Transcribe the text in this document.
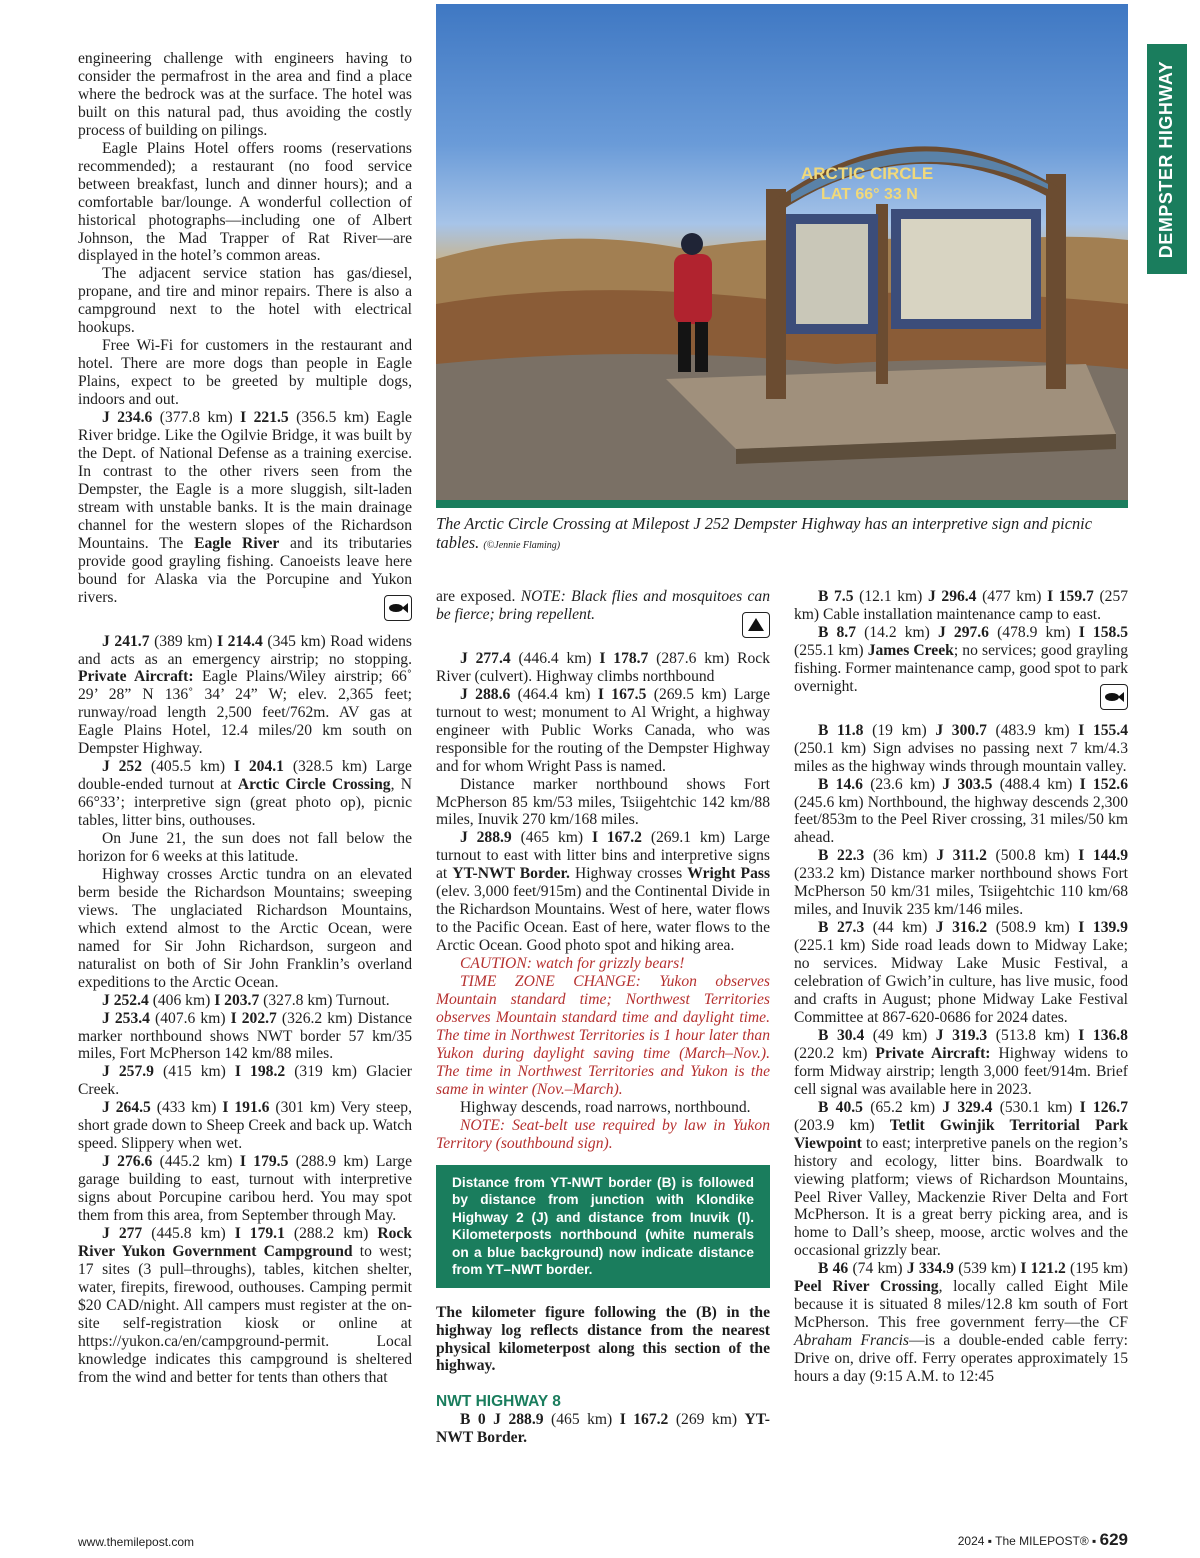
DEMPSTER HIGHWAY
ARCTIC CIRCLE
LAT 66° 33 N
The Arctic Circle Crossing at Milepost J 252 Dempster Highway has an interpretive sign and picnic tables. (©Jennie Flaming)

engineering challenge with engineers having to consider the permafrost in the area and find a place where the bedrock was at the surface. The hotel was built on this natural pad, thus avoiding the costly process of building on pilings.

Eagle Plains Hotel offers rooms (reservations recommended); a restaurant (no food service between breakfast, lunch and dinner hours); and a comfortable bar/lounge. A wonderful collection of historical photographs—including one of Albert Johnson, the Mad Trapper of Rat River—are displayed in the hotel’s common areas.

The adjacent service station has gas/diesel, propane, and tire and minor repairs. There is also a campground next to the hotel with electrical hookups.

Free Wi-Fi for customers in the restaurant and hotel. There are more dogs than people in Eagle Plains, expect to be greeted by multiple dogs, indoors and out.

J 234.6 (377.8 km) I 221.5 (356.5 km) Eagle River bridge. Like the Ogilvie Bridge, it was built by the Dept. of National Defense as a training exercise. In contrast to the other rivers seen from the Dempster, the Eagle is a more sluggish, silt-laden stream with unstable banks. It is the main drainage channel for the western slopes of the Richardson Mountains. The Eagle River and its tributaries provide good grayling fishing. Canoeists leave here bound for Alaska via the Porcupine and Yukon rivers.

J 241.7 (389 km) I 214.4 (345 km) Road widens and acts as an emergency airstrip; no stopping. Private Aircraft: Eagle Plains/Wiley airstrip; 66˚ 29’ 28” N 136˚ 34’ 24” W; elev. 2,365 feet; runway/road length 2,500 feet/762m. AV gas at Eagle Plains Hotel, 12.4 miles/20 km south on Dempster Highway.

J 252 (405.5 km) I 204.1 (328.5 km) Large double-ended turnout at Arctic Circle Crossing, N 66°33’; interpretive sign (great photo op), picnic tables, litter bins, outhouses.

On June 21, the sun does not fall below the horizon for 6 weeks at this latitude.

Highway crosses Arctic tundra on an elevated berm beside the Richardson Mountains; sweeping views. The unglaciated Richardson Mountains, which extend almost to the Arctic Ocean, were named for Sir John Richardson, surgeon and naturalist on both of Sir John Franklin’s overland expeditions to the Arctic Ocean.

J 252.4 (406 km) I 203.7 (327.8 km) Turnout.

J 253.4 (407.6 km) I 202.7 (326.2 km) Distance marker northbound shows NWT border 57 km/35 miles, Fort McPherson 142 km/88 miles.

J 257.9 (415 km) I 198.2 (319 km) Glacier Creek.

J 264.5 (433 km) I 191.6 (301 km) Very steep, short grade down to Sheep Creek and back up. Watch speed. Slippery when wet.

J 276.6 (445.2 km) I 179.5 (288.9 km) Large garage building to east, turnout with interpretive signs about Porcupine caribou herd. You may spot them from this area, from September through May.

J 277 (445.8 km) I 179.1 (288.2 km) Rock River Yukon Government Campground to west; 17 sites (3 pull–throughs), tables, kitchen shelter, water, firepits, firewood, outhouses. Camping permit $20 CAD/night. All campers must register at the on-site self-registration kiosk or online at https://yukon.ca/en/campground-permit. Local knowledge indicates this campground is sheltered from the wind and better for tents than others that

are exposed. NOTE: Black flies and mosquitoes can be fierce; bring repellent.

J 277.4 (446.4 km) I 178.7 (287.6 km) Rock River (culvert). Highway climbs northbound

J 288.6 (464.4 km) I 167.5 (269.5 km) Large turnout to west; monument to Al Wright, a highway engineer with Public Works Canada, who was responsible for the routing of the Dempster Highway and for whom Wright Pass is named.

Distance marker northbound shows Fort McPherson 85 km/53 miles, Tsiigehtchic 142 km/88 miles, Inuvik 270 km/168 miles.

J 288.9 (465 km) I 167.2 (269.1 km) Large turnout to east with litter bins and interpretive signs at YT-NWT Border. Highway crosses Wright Pass (elev. 3,000 feet/915m) and the Continental Divide in the Richardson Mountains. West of here, water flows to the Pacific Ocean. East of here, water flows to the Arctic Ocean. Good photo spot and hiking area.

CAUTION: watch for grizzly bears!

TIME ZONE CHANGE: Yukon observes Mountain standard time; Northwest Territories observes Mountain standard time and daylight time. The time in Northwest Territories is 1 hour later than Yukon during daylight saving time (March–Nov.). The time in Northwest Territories and Yukon is the same in winter (Nov.–March).

Highway descends, road narrows, northbound.

NOTE: Seat-belt use required by law in Yukon Territory (southbound sign).

Distance from YT-NWT border (B) is followed by distance from junction with Klondike Highway 2 (J) and distance from Inuvik (I). Kilometerposts northbound (white numerals on a blue background) now indicate distance from YT–NWT border.

The kilometer figure following the (B) in the highway log reflects distance from the nearest physical kilometerpost along this section of the highway.

NWT HIGHWAY 8

B 0 J 288.9 (465 km) I 167.2 (269 km) YT-NWT Border.

B 7.5 (12.1 km) J 296.4 (477 km) I 159.7 (257 km) Cable installation maintenance camp to east.

B 8.7 (14.2 km) J 297.6 (478.9 km) I 158.5 (255.1 km) James Creek; no services; good grayling fishing. Former maintenance camp, good spot to park overnight.

B 11.8 (19 km) J 300.7 (483.9 km) I 155.4 (250.1 km) Sign advises no passing next 7 km/4.3 miles as the highway winds through mountain valley.

B 14.6 (23.6 km) J 303.5 (488.4 km) I 152.6 (245.6 km) Northbound, the highway descends 2,300 feet/853m to the Peel River crossing, 31 miles/50 km ahead.

B 22.3 (36 km) J 311.2 (500.8 km) I 144.9 (233.2 km) Distance marker northbound shows Fort McPherson 50 km/31 miles, Tsiigehtchic 110 km/68 miles, and Inuvik 235 km/146 miles.

B 27.3 (44 km) J 316.2 (508.9 km) I 139.9 (225.1 km) Side road leads down to Midway Lake; no services. Midway Lake Music Festival, a celebration of Gwich’in culture, has live music, food and crafts in August; phone Midway Lake Festival Committee at 867-620-0686 for 2024 dates.

B 30.4 (49 km) J 319.3 (513.8 km) I 136.8 (220.2 km) Private Aircraft: Highway widens to form Midway airstrip; length 3,000 feet/914m. Brief cell signal was available here in 2023.

B 40.5 (65.2 km) J 329.4 (530.1 km) I 126.7 (203.9 km) Tetlit Gwinjik Territorial Park Viewpoint to east; interpretive panels on the region’s history and ecology, litter bins. Boardwalk to viewing platform; views of Richardson Mountains, Peel River Valley, Mackenzie River Delta and Fort McPherson. It is a great berry picking area, and is home to Dall’s sheep, moose, arctic wolves and the occasional grizzly bear.

B 46 (74 km) J 334.9 (539 km) I 121.2 (195 km) Peel River Crossing, locally called Eight Mile because it is situated 8 miles/12.8 km south of Fort McPherson. This free government ferry—the CF Abraham Francis—is a double-ended cable ferry: Drive on, drive off. Ferry operates approximately 15 hours a day (9:15 A.M. to 12:45

www.themilepost.com	2024 ▪ The MILEPOST® ▪ 629
